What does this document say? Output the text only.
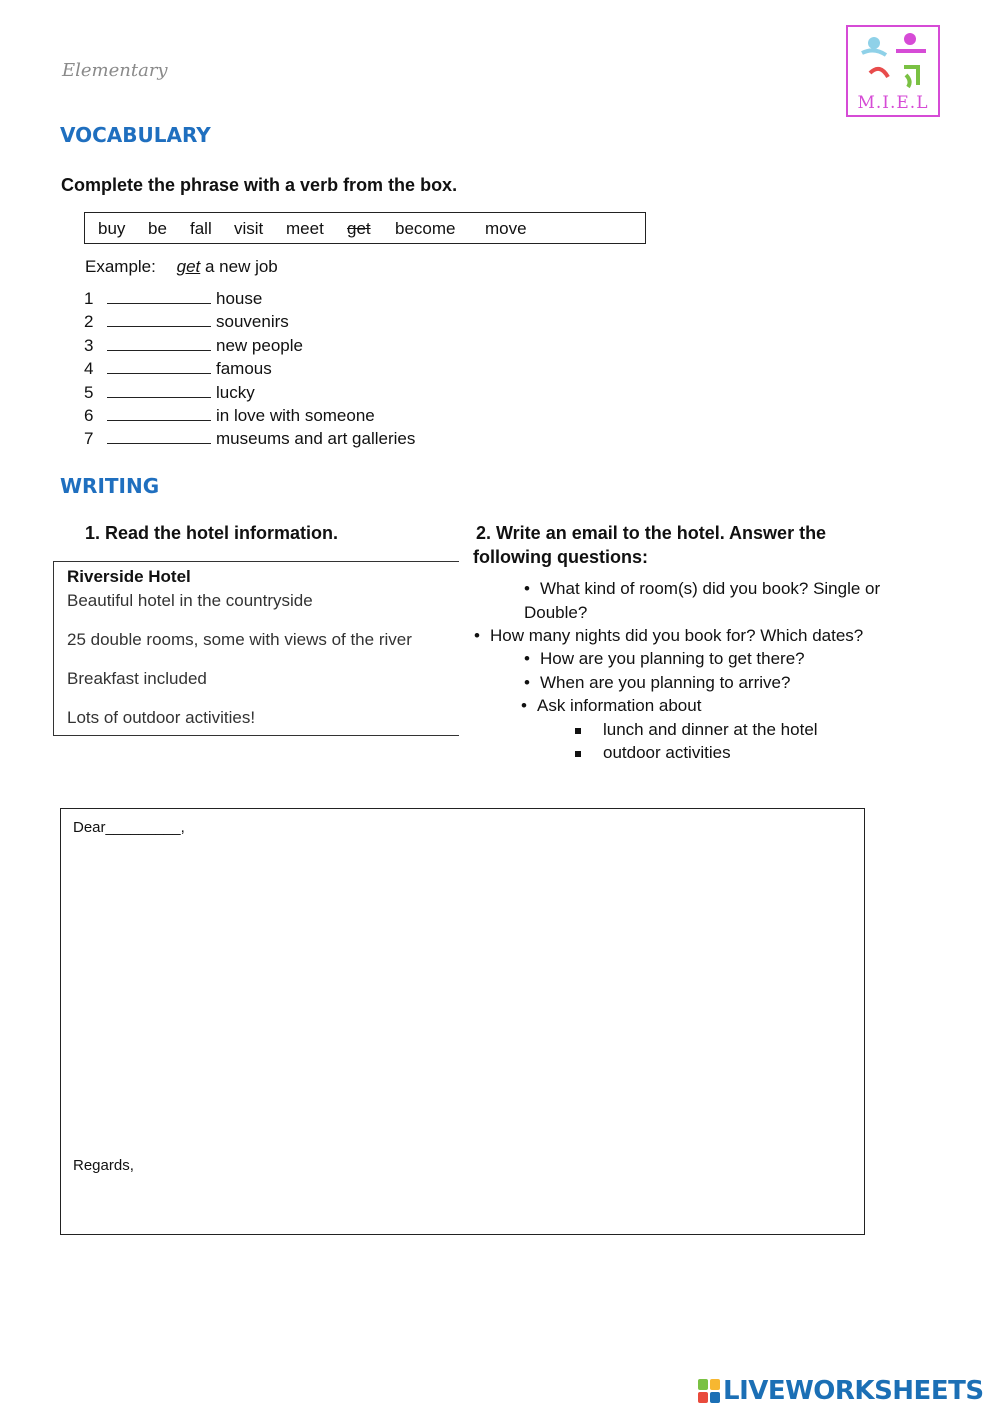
Elementary
M.I.E.L
VOCABULARY
Complete the phrase with a verb from the box.
buy be fall visit meet get become move
Example: get a new job
1	house
2	souvenirs
3	new people
4	famous
5	lucky
6	in love with someone
7	museums and art galleries
WRITING
1. Read the hotel information.	2. Write an email to the hotel. Answer the
following questions:
Riverside Hotel
Beautiful hotel in the countryside
25 double rooms, some with views of the river
Breakfast included
Lots of outdoor activities!
• What kind of room(s) did you book? Single or
Double?
• How many nights did you book for? Which dates?
• How are you planning to get there?
• When are you planning to arrive?
• Ask information about
lunch and dinner at the hotel
outdoor activities
Dear_________,
Regards,
LIVEWORKSHEETS
